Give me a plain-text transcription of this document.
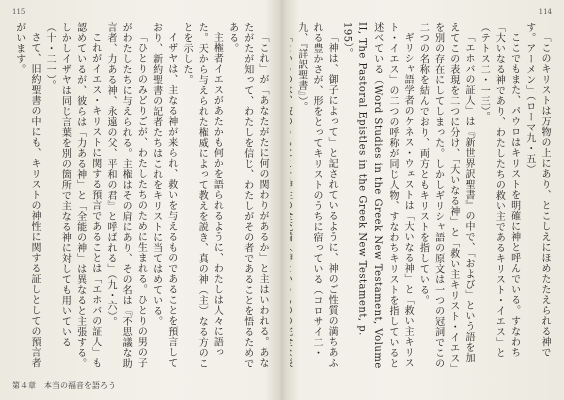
115

「これ」が「あなたがたに何の関わりがあるか」と主はいわれる。あなたがたが知って、わたしを信じ、わたしがその者であることを悟るためである。

主権者イエスがあたかも何かを語られるように、わたしは人々に語った。天から与えられた権威によって教えを説き、真の神（主）なる方のことを示した。

イザヤは、主なる神が来られ、救いを与えるものであることを預言しており、新約聖書の記者たちはこれをキリストに当てはめている。

「ひとりのみどりごが、わたしたちのために生まれる。ひとりの男の子がわたしたちに与えられる。主権はその肩にあり、その名は『不思議な助言者、力ある神、永遠の父、平和の君』と呼ばれる」（九・六）。

これがイエス・キリストに関する預言であることは「エホバの証人」も認めているが、彼らは「力ある神」と「全能の神」は異なると主張する。しかしイザヤは同じ言葉を別の箇所で主なる神に対しても用いている（十・二一）。

さて、旧約聖書の中にも、キリストの神性に関する証しとしての預言者がいます。

第４章　本当の福音を語ろう
114

「このキリストは万物の上にあり、とこしえにほめたたえられる神です。アーメン」（ローマ九・五）

ここでもまた、パウロはキリストを明確に神と呼んでいる。すなわち「大いなる神であり、わたしたちの救い主であるキリスト・イエス」と（テトス二・一三）。

「エホバの証人」は『新世界訳聖書』の中で、「および」という語を加えてこの表現を二つに分け、「大いなる神」と「救い主キリスト・イエス」を別の存在にしてしまった。しかしギリシャ語の原文は一つの冠詞でこの二つの名称を結んでおり、両方ともキリストを指している。

ギリシャ語学者のケネス・ウェストは「大いなる神」と「救い主キリスト・イエス」の二つの呼称が同じ人物、すなわちキリストを指していると述べている（Word Studies in the Greek New Testament, Volume II, The Pastoral Epistles in the Greek New Testament, p. 195）。

「神は、御子によって」と記されているように、神のご性質の満ちあふれる豊かさが、形をとってキリストのうちに宿っている（コロサイ二・九、『詳訳聖書』）。
